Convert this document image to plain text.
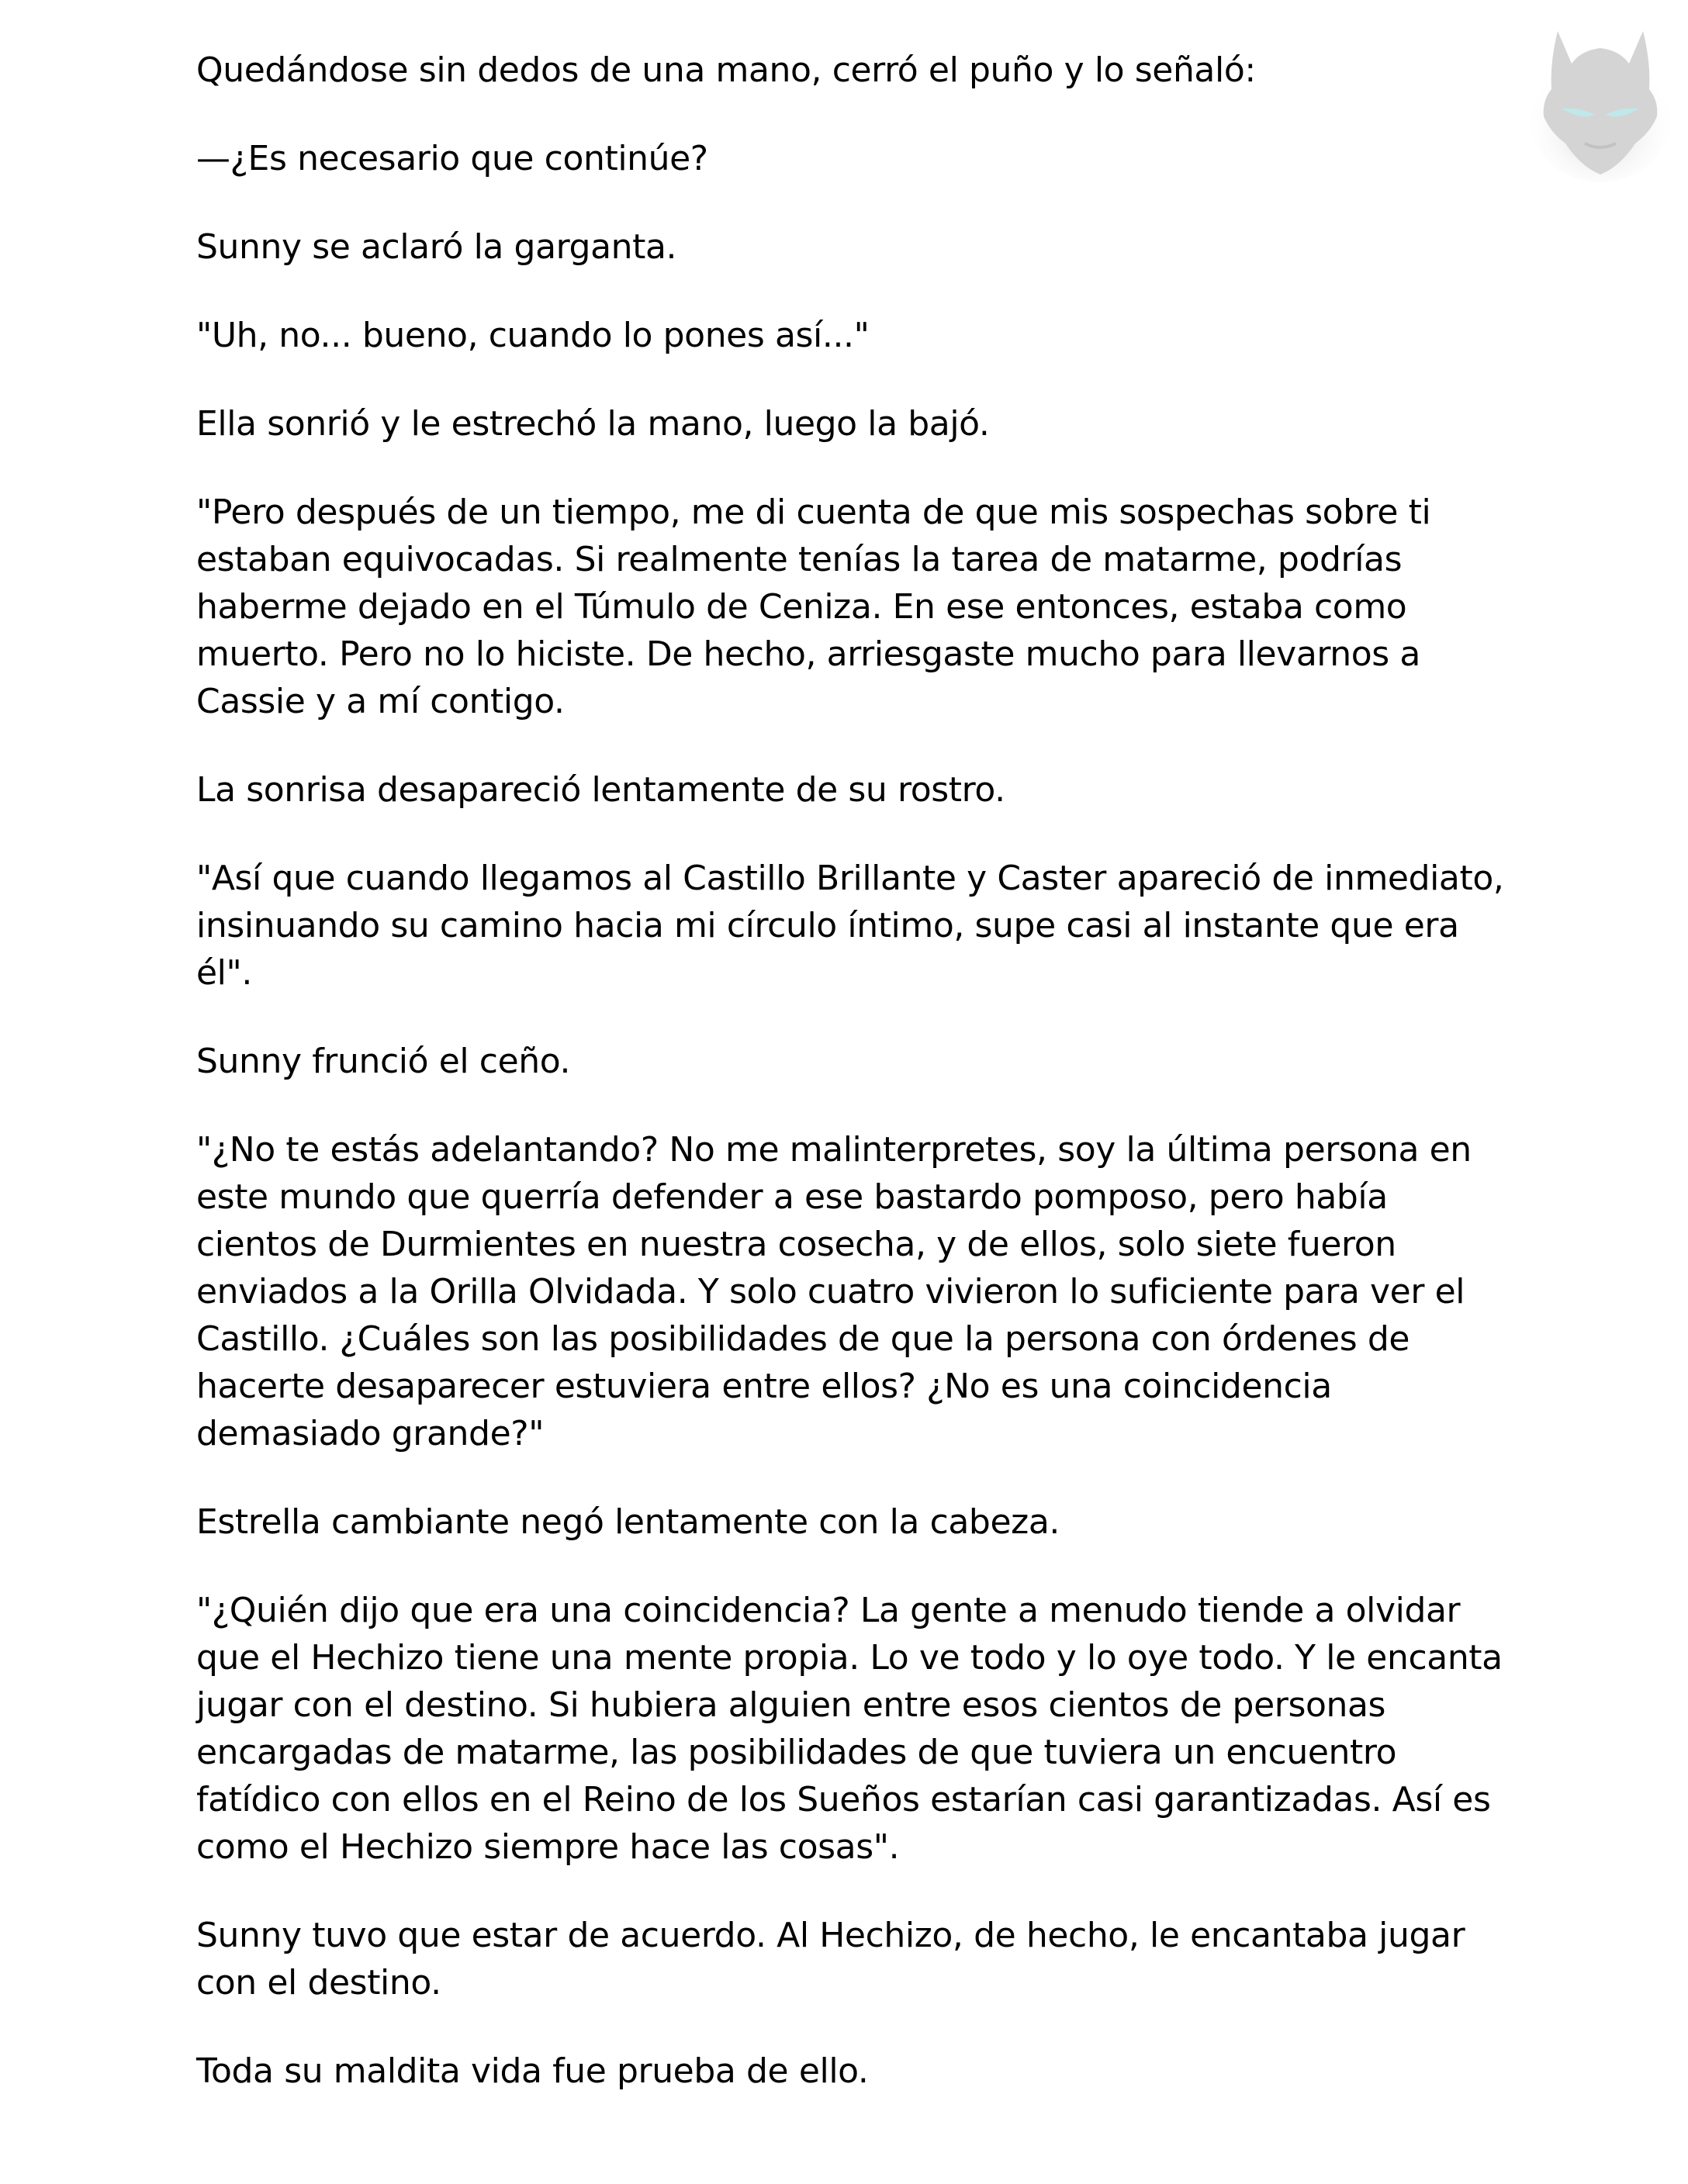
Quedándose sin dedos de una mano, cerró el puño y lo señaló:

—¿Es necesario que continúe?

Sunny se aclaró la garganta.

"Uh, no... bueno, cuando lo pones así..."

Ella sonrió y le estrechó la mano, luego la bajó.

"Pero después de un tiempo, me di cuenta de que mis sospechas sobre ti estaban equivocadas. Si realmente tenías la tarea de matarme, podrías haberme dejado en el Túmulo de Ceniza. En ese entonces, estaba como muerto. Pero no lo hiciste. De hecho, arriesgaste mucho para llevarnos a Cassie y a mí contigo.

La sonrisa desapareció lentamente de su rostro.

"Así que cuando llegamos al Castillo Brillante y Caster apareció de inmediato, insinuando su camino hacia mi círculo íntimo, supe casi al instante que era él".

Sunny frunció el ceño.

"¿No te estás adelantando? No me malinterpretes, soy la última persona en este mundo que querría defender a ese bastardo pomposo, pero había cientos de Durmientes en nuestra cosecha, y de ellos, solo siete fueron enviados a la Orilla Olvidada. Y solo cuatro vivieron lo suficiente para ver el Castillo. ¿Cuáles son las posibilidades de que la persona con órdenes de hacerte desaparecer estuviera entre ellos? ¿No es una coincidencia demasiado grande?"

Estrella cambiante negó lentamente con la cabeza.

"¿Quién dijo que era una coincidencia? La gente a menudo tiende a olvidar que el Hechizo tiene una mente propia. Lo ve todo y lo oye todo. Y le encanta jugar con el destino. Si hubiera alguien entre esos cientos de personas encargadas de matarme, las posibilidades de que tuviera un encuentro fatídico con ellos en el Reino de los Sueños estarían casi garantizadas. Así es como el Hechizo siempre hace las cosas".

Sunny tuvo que estar de acuerdo. Al Hechizo, de hecho, le encantaba jugar con el destino.

Toda su maldita vida fue prueba de ello.
